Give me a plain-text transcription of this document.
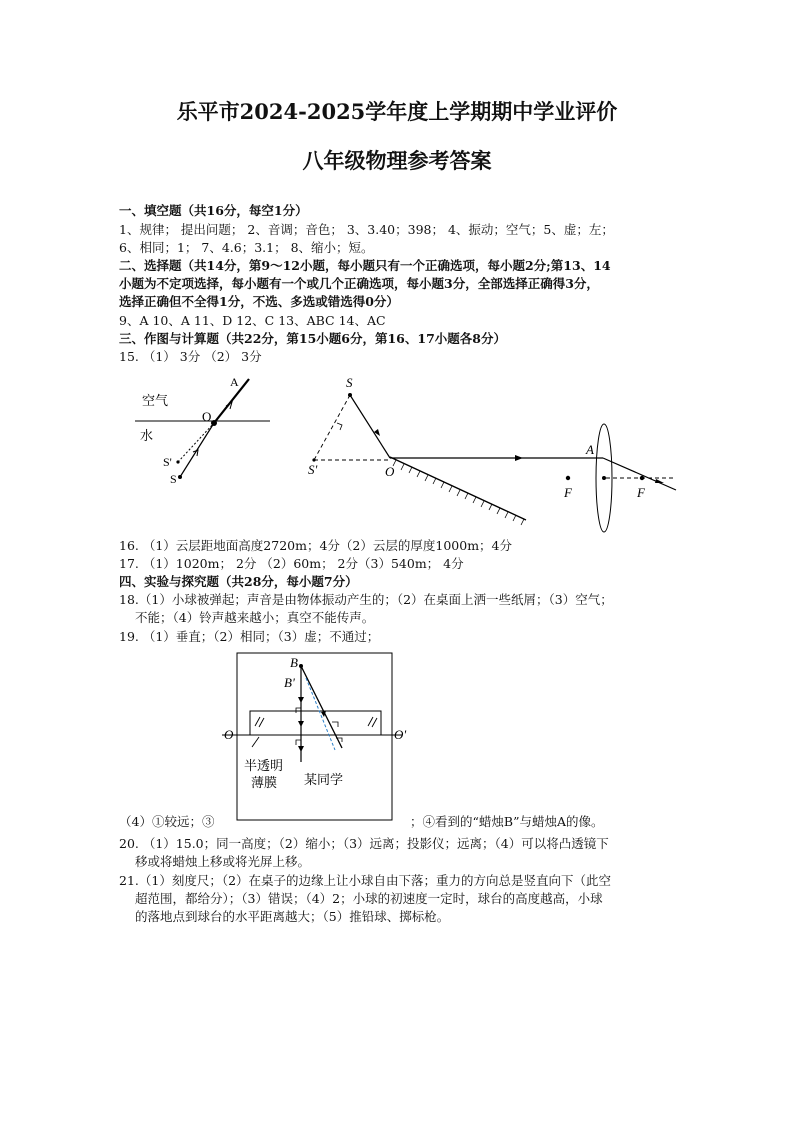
乐平市2024-2025学年度上学期期中学业评价
八年级物理参考答案
一、填空题（共16分，每空1分）
1、规律； 提出问题； 2、音调；音色； 3、3.40；398； 4、振动；空气；5、虚；左；
6、相同；1； 7、4.6；3.1； 8、缩小；短。
二、选择题（共14分，第9～12小题，每小题只有一个正确选项，每小题2分;第13、14
小题为不定项选择，每小题有一个或几个正确选项，每小题3分，全部选择正确得3分，
选择正确但不全得1分，不选、多选或错选得0分）
9、A 10、A 11、D 12、C 13、ABC 14、AC
三、作图与计算题（共22分，第15小题6分，第16、17小题各8分）
15. （1） 3分 （2） 3分
空气
水
A
O
S'
S
S
S'	O
A
F	F
16. （1）云层距地面高度2720m；4分（2）云层的厚度1000m；4分
17. （1）1020m； 2分 （2）60m； 2分（3）540m； 4分
四、实验与探究题（共28分，每小题7分）
18.（1）小球被弹起；声音是由物体振动产生的；（2）在桌面上洒一些纸屑；（3）空气；
不能；（4）铃声越来越小；真空不能传声。
19. （1）垂直；（2）相同；（3）虚；不通过；
B
B'
O	O'
半透明
薄膜 某同学
（4）①较远；③	；④看到的“蜡烛B”与蜡烛A的像。
20. （1）15.0；同一高度；（2）缩小；（3）远离；投影仪；远离；（4）可以将凸透镜下
移或将蜡烛上移或将光屏上移。
21.（1）刻度尺；（2）在桌子的边缘上让小球自由下落；重力的方向总是竖直向下（此空
超范围，都给分）；（3）错误；（4）2；小球的初速度一定时，球台的高度越高，小球
的落地点到球台的水平距离越大；（5）推铅球、掷标枪。
